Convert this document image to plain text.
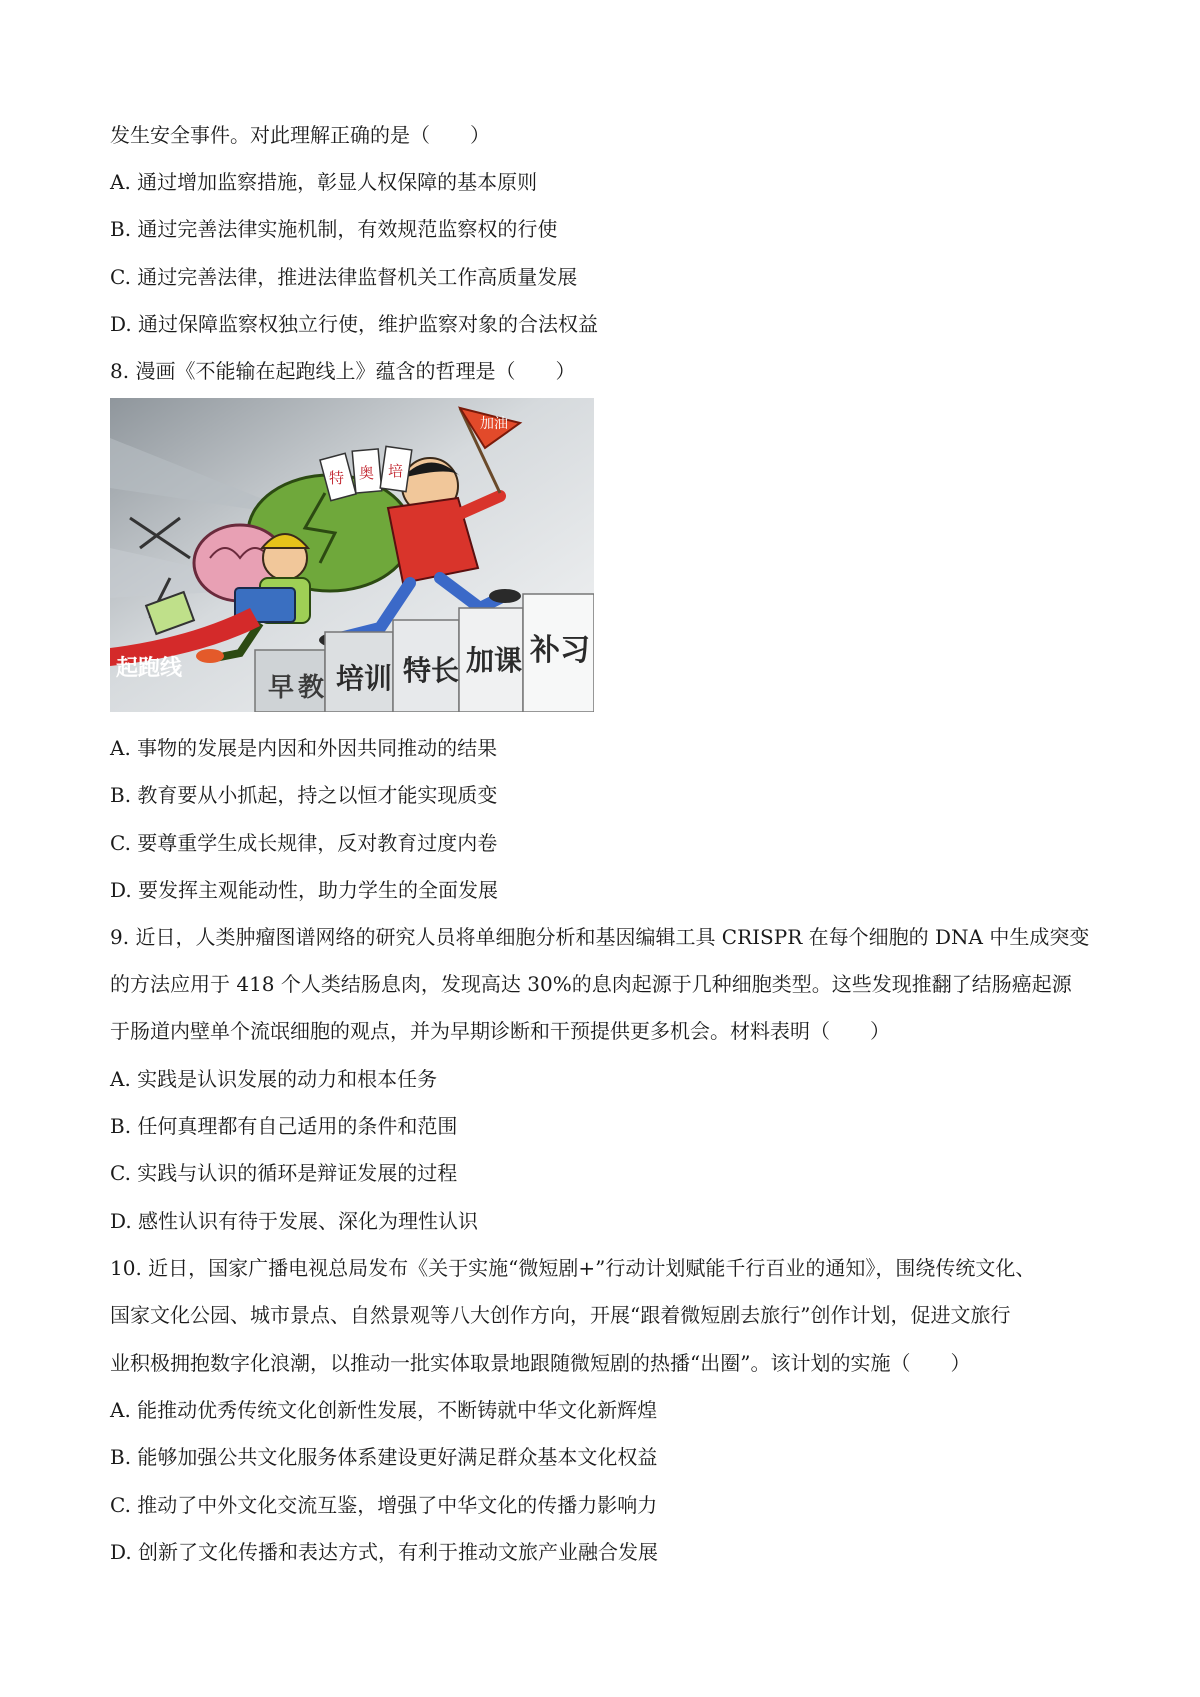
发生安全事件。对此理解正确的是（　　）
A. 通过增加监察措施，彰显人权保障的基本原则
B. 通过完善法律实施机制，有效规范监察权的行使
C. 通过完善法律，推进法律监督机关工作高质量发展
D. 通过保障监察权独立行使，维护监察对象的合法权益
8. 漫画《不能输在起跑线上》蕴含的哲理是（　　）
加油
特 奥 培
起跑线
早教 培训 特长 加课 补习
A. 事物的发展是内因和外因共同推动的结果
B. 教育要从小抓起，持之以恒才能实现质变
C. 要尊重学生成长规律，反对教育过度内卷
D. 要发挥主观能动性，助力学生的全面发展
9. 近日，人类肿瘤图谱网络的研究人员将单细胞分析和基因编辑工具 CRISPR 在每个细胞的 DNA 中生成突变
的方法应用于 418 个人类结肠息肉，发现高达 30%的息肉起源于几种细胞类型。这些发现推翻了结肠癌起源
于肠道内壁单个流氓细胞的观点，并为早期诊断和干预提供更多机会。材料表明（　　）
A. 实践是认识发展的动力和根本任务
B. 任何真理都有自己适用的条件和范围
C. 实践与认识的循环是辩证发展的过程
D. 感性认识有待于发展、深化为理性认识
10. 近日，国家广播电视总局发布《关于实施“微短剧+”行动计划赋能千行百业的通知》，围绕传统文化、
国家文化公园、城市景点、自然景观等八大创作方向，开展“跟着微短剧去旅行”创作计划，促进文旅行
业积极拥抱数字化浪潮，以推动一批实体取景地跟随微短剧的热播“出圈”。该计划的实施（　　）
A. 能推动优秀传统文化创新性发展，不断铸就中华文化新辉煌
B. 能够加强公共文化服务体系建设更好满足群众基本文化权益
C. 推动了中外文化交流互鉴，增强了中华文化的传播力影响力
D. 创新了文化传播和表达方式，有利于推动文旅产业融合发展
